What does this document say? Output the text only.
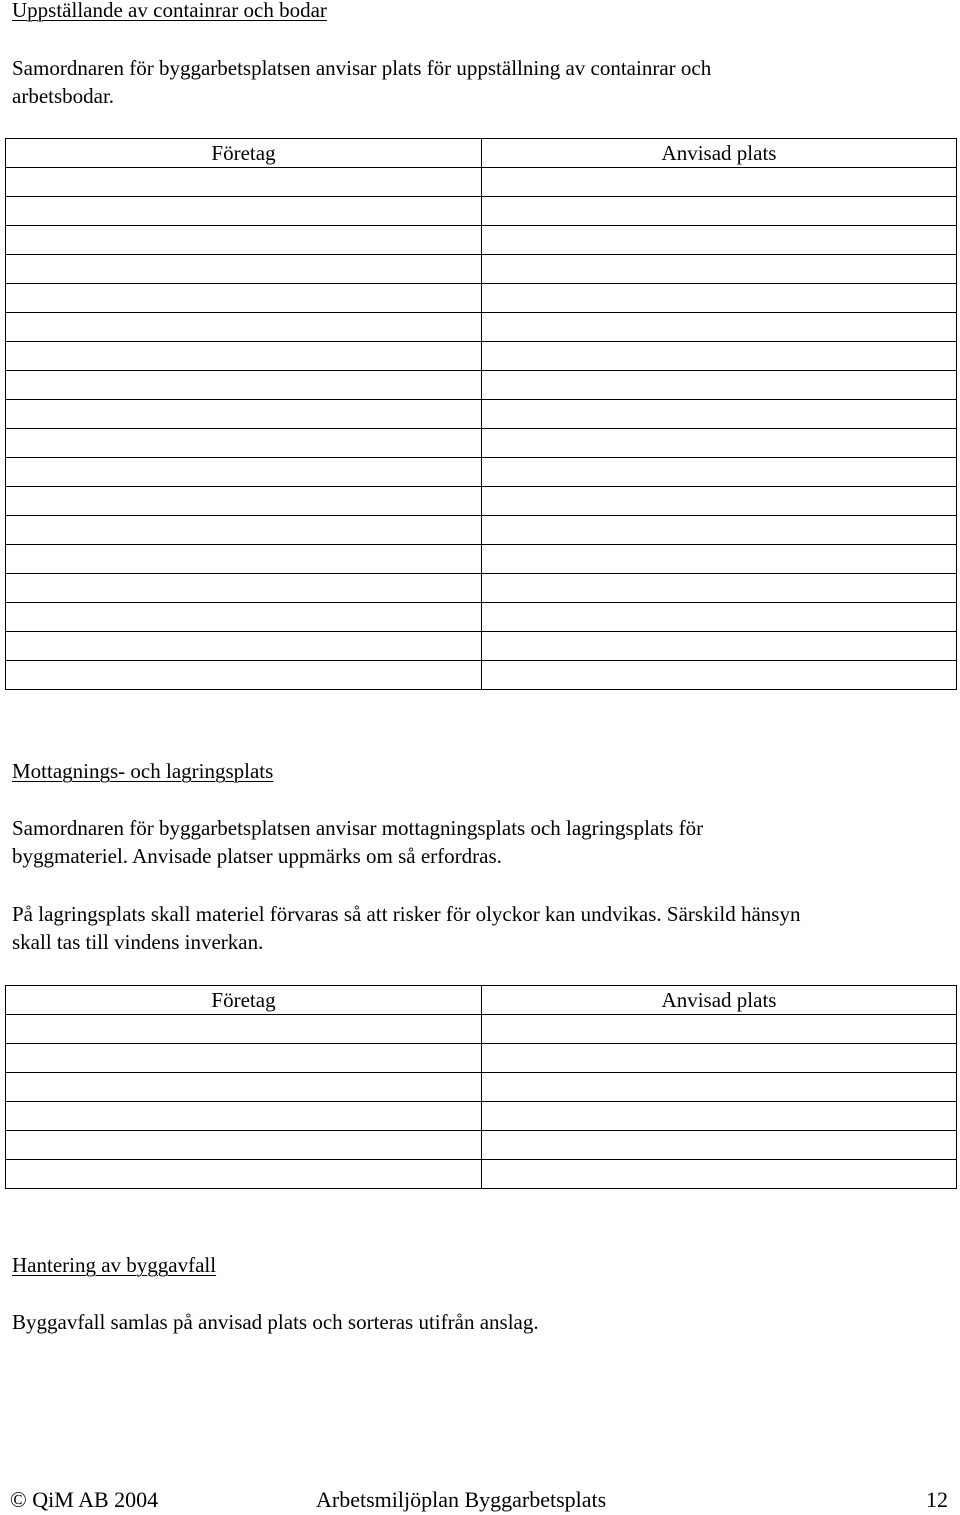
Uppställande av containrar och bodar
Samordnaren för byggarbetsplatsen anvisar plats för uppställning av containrar och
arbetsbodar.
Företag	Anvisad plats

Mottagnings- och lagringsplats
Samordnaren för byggarbetsplatsen anvisar mottagningsplats och lagringsplats för
byggmateriel. Anvisade platser uppmärks om så erfordras.
På lagringsplats skall materiel förvaras så att risker för olyckor kan undvikas. Särskild hänsyn
skall tas till vindens inverkan.
Företag	Anvisad plats

Hantering av byggavfall
Byggavfall samlas på anvisad plats och sorteras utifrån anslag.
© QiM AB 2004	Arbetsmiljöplan Byggarbetsplats	12
